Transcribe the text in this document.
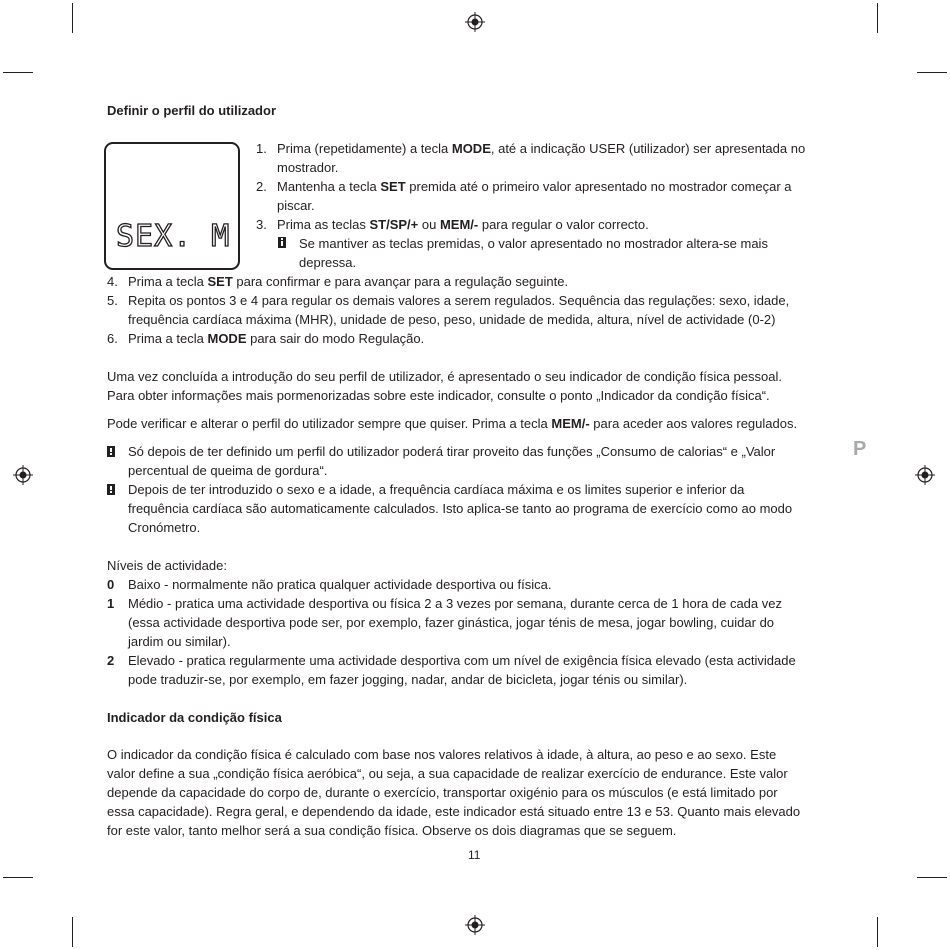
Definir o perfil do utilizador
SEX. M
1. Prima (repetidamente) a tecla MODE, até a indicação USER (utilizador) ser apresentada no
mostrador.
2. Mantenha a tecla SET premida até o primeiro valor apresentado no mostrador começar a
piscar.
3. Prima as teclas ST/SP/+ ou MEM/- para regular o valor correcto.
Se mantiver as teclas premidas, o valor apresentado no mostrador altera-se mais
depressa.
4. Prima a tecla SET para confirmar e para avançar para a regulação seguinte.
5. Repita os pontos 3 e 4 para regular os demais valores a serem regulados. Sequência das regulações: sexo, idade,
frequência cardíaca máxima (MHR), unidade de peso, peso, unidade de medida, altura, nível de actividade (0-2)
6. Prima a tecla MODE para sair do modo Regulação.
Uma vez concluída a introdução do seu perfil de utilizador, é apresentado o seu indicador de condição física pessoal.
Para obter informações mais pormenorizadas sobre este indicador, consulte o ponto „Indicador da condição física“.
Pode verificar e alterar o perfil do utilizador sempre que quiser. Prima a tecla MEM/- para aceder aos valores regulados.
Só depois de ter definido um perfil do utilizador poderá tirar proveito das funções „Consumo de calorias“ e „Valor
percentual de queima de gordura“.
Depois de ter introduzido o sexo e a idade, a frequência cardíaca máxima e os limites superior e inferior da
frequência cardíaca são automaticamente calculados. Isto aplica-se tanto ao programa de exercício como ao modo
Cronómetro.
P
Níveis de actividade:
0 Baixo - normalmente não pratica qualquer actividade desportiva ou física.
1 Médio - pratica uma actividade desportiva ou física 2 a 3 vezes por semana, durante cerca de 1 hora de cada vez
(essa actividade desportiva pode ser, por exemplo, fazer ginástica, jogar ténis de mesa, jogar bowling, cuidar do
jardim ou similar).
2 Elevado - pratica regularmente uma actividade desportiva com um nível de exigência física elevado (esta actividade
pode traduzir-se, por exemplo, em fazer jogging, nadar, andar de bicicleta, jogar ténis ou similar).
Indicador da condição física
O indicador da condição física é calculado com base nos valores relativos à idade, à altura, ao peso e ao sexo. Este
valor define a sua „condição física aeróbica“, ou seja, a sua capacidade de realizar exercício de endurance. Este valor
depende da capacidade do corpo de, durante o exercício, transportar oxigénio para os músculos (e está limitado por
essa capacidade). Regra geral, e dependendo da idade, este indicador está situado entre 13 e 53. Quanto mais elevado
for este valor, tanto melhor será a sua condição física. Observe os dois diagramas que se seguem.
11
